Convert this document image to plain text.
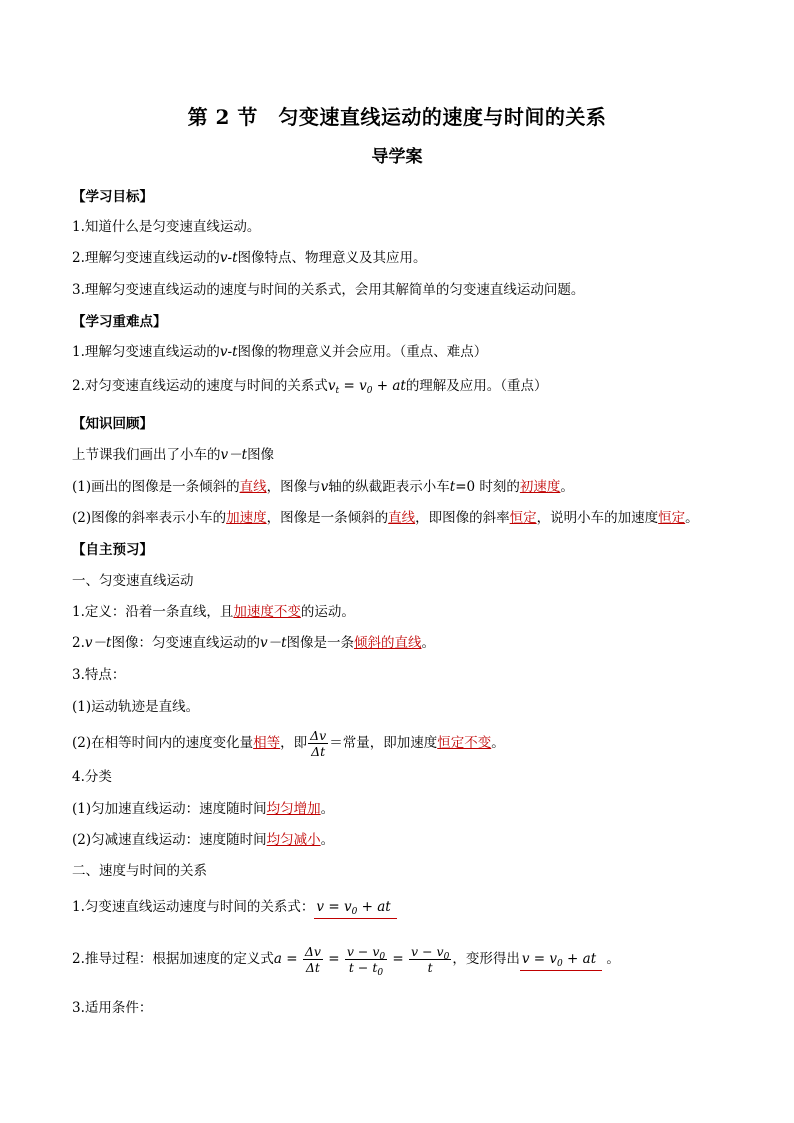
第 2 节　匀变速直线运动的速度与时间的关系
导学案
【学习目标】
1.知道什么是匀变速直线运动。
2.理解匀变速直线运动的v-t图像特点、物理意义及其应用。
3.理解匀变速直线运动的速度与时间的关系式，会用其解简单的匀变速直线运动问题。
【学习重难点】
1.理解匀变速直线运动的v-t图像的物理意义并会应用。（重点、难点）
2.对匀变速直线运动的速度与时间的关系式$v_t = v_0$ + at的理解及应用。（重点）
【知识回顾】
上节课我们画出了小车的v－t图像
(1)画出的图像是一条倾斜的直线，图像与v轴的纵截距表示小车t=0 时刻的初速度。
(2)图像的斜率表示小车的加速度，图像是一条倾斜的直线，即图像的斜率恒定，说明小车的加速度恒定。
【自主预习】
一、匀变速直线运动
1.定义：沿着一条直线，且加速度不变的运动。
2.v－t图像：匀变速直线运动的v－t图像是一条倾斜的直线。
3.特点：
(1)运动轨迹是直线。
(2)在相等时间内的速度变化量相等，即 $\frac{\Delta v}{\Delta t}$ ＝常量，即加速度恒定不变。
4.分类
(1)匀加速直线运动：速度随时间均匀增加。
(2)匀减速直线运动：速度随时间均匀减小。
二、速度与时间的关系
1.匀变速直线运动速度与时间的关系式： $v = v_0$ + at
2.推导过程：根据加速度的定义式$a = \frac{\Delta v}{\Delta t} = \frac{v - v_0}{t - t_0} = \frac{v - v_0}{t}$ ，变形得出 $v = v_0$ + at 。
3.适用条件：
